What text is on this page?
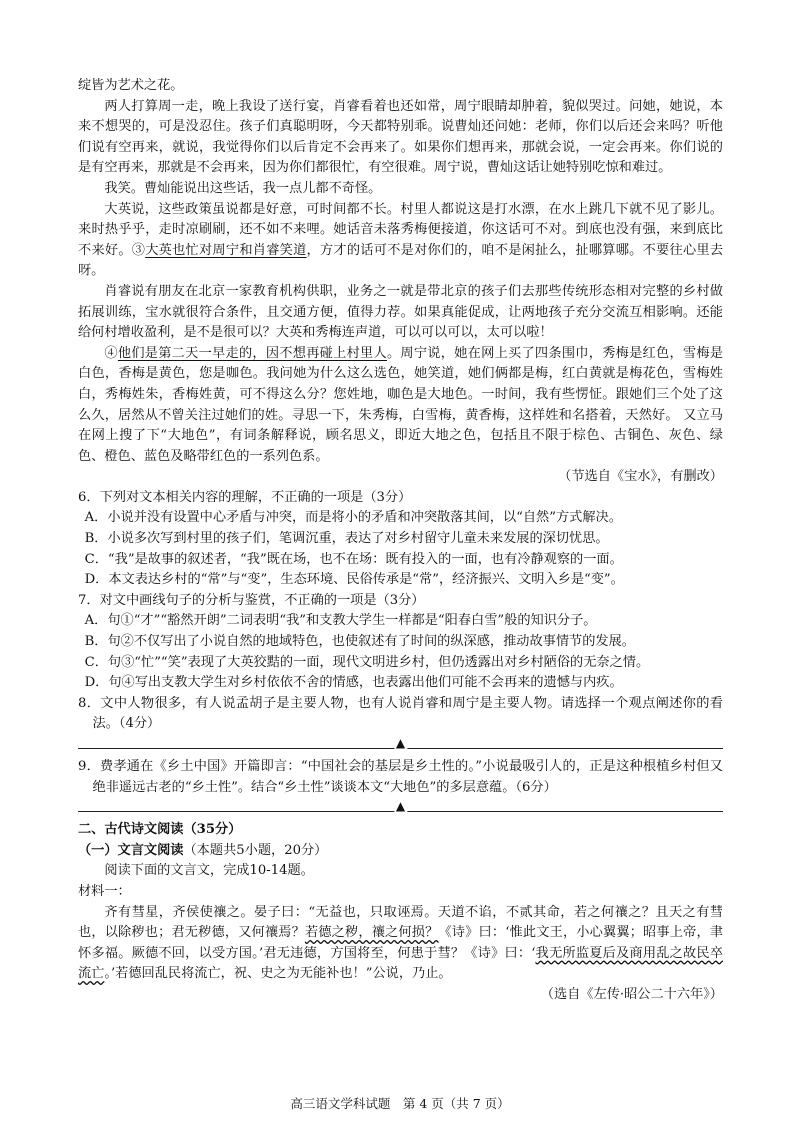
绽皆为艺术之花。

两人打算周一走，晚上我设了送行宴，肖睿看着也还如常，周宁眼睛却肿着，貌似哭过。问她，她说，本来不想哭的，可是没忍住。孩子们真聪明呀，今天都特别乖。说曹灿还问她：老师，你们以后还会来吗？听他们说有空再来，就说，我觉得你们以后肯定不会再来了。如果你们想再来，那就会说，一定会再来。你们说的是有空再来，那就是不会再来，因为你们都很忙，有空很难。周宁说，曹灿这话让她特别吃惊和难过。

我笑。曹灿能说出这些话，我一点儿都不奇怪。

大英说，这些政策虽说都是好意，可时间都不长。村里人都说这是打水漂，在水上跳几下就不见了影儿。来时热乎乎，走时凉刷刷，还不如不来哩。她话音未落秀梅便接道，你这话可不对。到底也没有强，来到底比不来好。③大英也忙对周宁和肖睿笑道，方才的话可不是对你们的，咱不是闲扯么，扯哪算哪。不要往心里去呀。

肖睿说有朋友在北京一家教育机构供职，业务之一就是带北京的孩子们去那些传统形态相对完整的乡村做拓展训练，宝水就很符合条件，且交通方便，值得力荐。如果真能促成，让两地孩子充分交流互相影响。还能给何村增收盈利，是不是很可以？大英和秀梅连声道，可以可以可以，太可以啦！

④他们是第二天一早走的，因不想再碰上村里人。周宁说，她在网上买了四条围巾，秀梅是红色，雪梅是白色，香梅是黄色，您是咖色。我问她为什么这么选色，她笑道，她们俩都是梅，红白黄就是梅花色，雪梅姓白，秀梅姓朱，香梅姓黄，可不得这么分？您姓地，咖色是大地色。一时间，我有些愣怔。跟她们三个处了这么久，居然从不曾关注过她们的姓。寻思一下，朱秀梅，白雪梅，黄香梅，这样姓和名搭着，天然好。 又立马在网上搜了下“大地色”，有词条解释说，顾名思义，即近大地之色，包括且不限于棕色、古铜色、灰色、绿色、橙色、蓝色及略带红色的一系列色系。

（节选自《宝水》，有删改）

6．下列对文本相关内容的理解，不正确的一项是（3分）

A．小说并没有设置中心矛盾与冲突，而是将小的矛盾和冲突散落其间，以“自然”方式解决。

B．小说多次写到村里的孩子们，笔调沉重，表达了对乡村留守儿童未来发展的深切忧思。

C．“我”是故事的叙述者，“我”既在场，也不在场：既有投入的一面，也有冷静观察的一面。

D．本文表达乡村的“常”与“变”，生态环境、民俗传承是“常”，经济振兴、文明入乡是“变”。

7．对文中画线句子的分析与鉴赏，不正确的一项是（3分）

A．句①“才”“豁然开朗”二词表明“我”和支教大学生一样都是“阳春白雪”般的知识分子。

B．句②不仅写出了小说自然的地域特色，也使叙述有了时间的纵深感，推动故事情节的发展。

C．句③“忙”“笑”表现了大英狡黠的一面，现代文明进乡村，但仍透露出对乡村陋俗的无奈之情。

D．句④写出支教大学生对乡村依依不舍的情感，也表露出他们可能不会再来的遗憾与内疚。

8．文中人物很多，有人说孟胡子是主要人物，也有人说肖睿和周宁是主要人物。请选择一个观点阐述你的看法。（4分）

▲

9．费孝通在《乡土中国》开篇即言：“中国社会的基层是乡土性的。”小说最吸引人的，正是这种根植乡村但又绝非遥远古老的“乡土性”。结合“乡土性”谈谈本文“大地色”的多层意蕴。（6分）

▲

二、古代诗文阅读（35分）

（一）文言文阅读（本题共5小题，20分）

阅读下面的文言文，完成10-14题。

材料一：

齐有彗星，齐侯使禳之。晏子曰：“无益也，只取诬焉。天道不谄，不贰其命，若之何禳之？且天之有彗也，以除秽也；君无秽德，又何禳焉？若德之秽，禳之何损？《诗》曰：‘惟此文王，小心翼翼；昭事上帝，聿怀多福。厥德不回，以受方国。’君无违德，方国将至，何患于彗？《诗》曰：‘我无所监夏后及商用乱之故民卒流亡。’若德回乱民将流亡，祝、史之为无能补也！”公说，乃止。

（选自《左传·昭公二十六年》）

高三语文学科试题　第 4 页（共 7 页）
